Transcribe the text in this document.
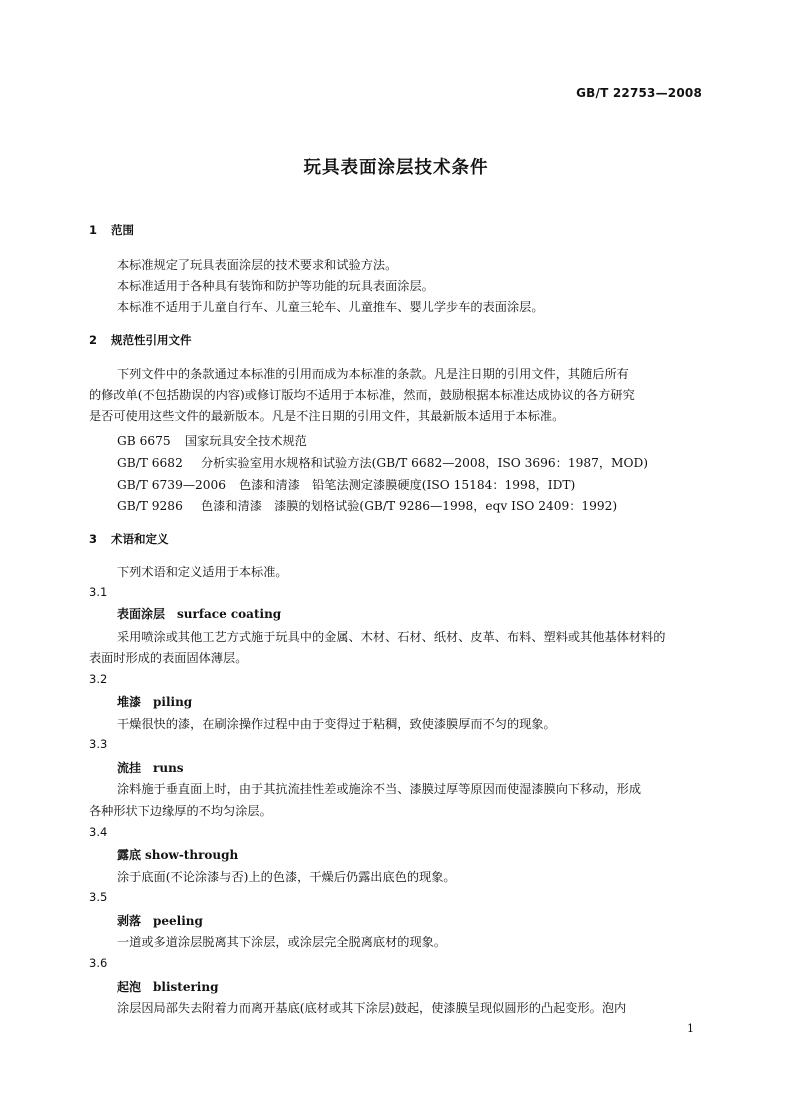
GB/T 22753—2008
玩具表面涂层技术条件
1 范围
本标准规定了玩具表面涂层的技术要求和试验方法。
本标准适用于各种具有装饰和防护等功能的玩具表面涂层。
本标准不适用于儿童自行车、儿童三轮车、儿童推车、婴儿学步车的表面涂层。
2 规范性引用文件
下列文件中的条款通过本标准的引用而成为本标准的条款。凡是注日期的引用文件，其随后所有
的修改单(不包括勘误的内容)或修订版均不适用于本标准，然而，鼓励根据本标准达成协议的各方研究
是否可使用这些文件的最新版本。凡是不注日期的引用文件，其最新版本适用于本标准。
GB 6675 国家玩具安全技术规范
GB/T 6682 分析实验室用水规格和试验方法(GB/T 6682—2008，ISO 3696：1987，MOD)
GB/T 6739—2006 色漆和清漆　铅笔法测定漆膜硬度(ISO 15184：1998，IDT)
GB/T 9286 色漆和清漆　漆膜的划格试验(GB/T 9286—1998，eqv ISO 2409：1992)
3 术语和定义
下列术语和定义适用于本标准。
3.1
表面涂层 surface coating
采用喷涂或其他工艺方式施于玩具中的金属、木材、石材、纸材、皮革、布料、塑料或其他基体材料的
表面时形成的表面固体薄层。
3.2
堆漆 piling
干燥很快的漆，在刷涂操作过程中由于变得过于粘稠，致使漆膜厚而不匀的现象。
3.3
流挂 runs
涂料施于垂直面上时，由于其抗流挂性差或施涂不当、漆膜过厚等原因而使湿漆膜向下移动，形成
各种形状下边缘厚的不均匀涂层。
3.4
露底 show-through
涂于底面(不论涂漆与否)上的色漆，干燥后仍露出底色的现象。
3.5
剥落 peeling
一道或多道涂层脱离其下涂层，或涂层完全脱离底材的现象。
3.6
起泡 blistering
涂层因局部失去附着力而离开基底(底材或其下涂层)鼓起，使漆膜呈现似圆形的凸起变形。泡内
1
